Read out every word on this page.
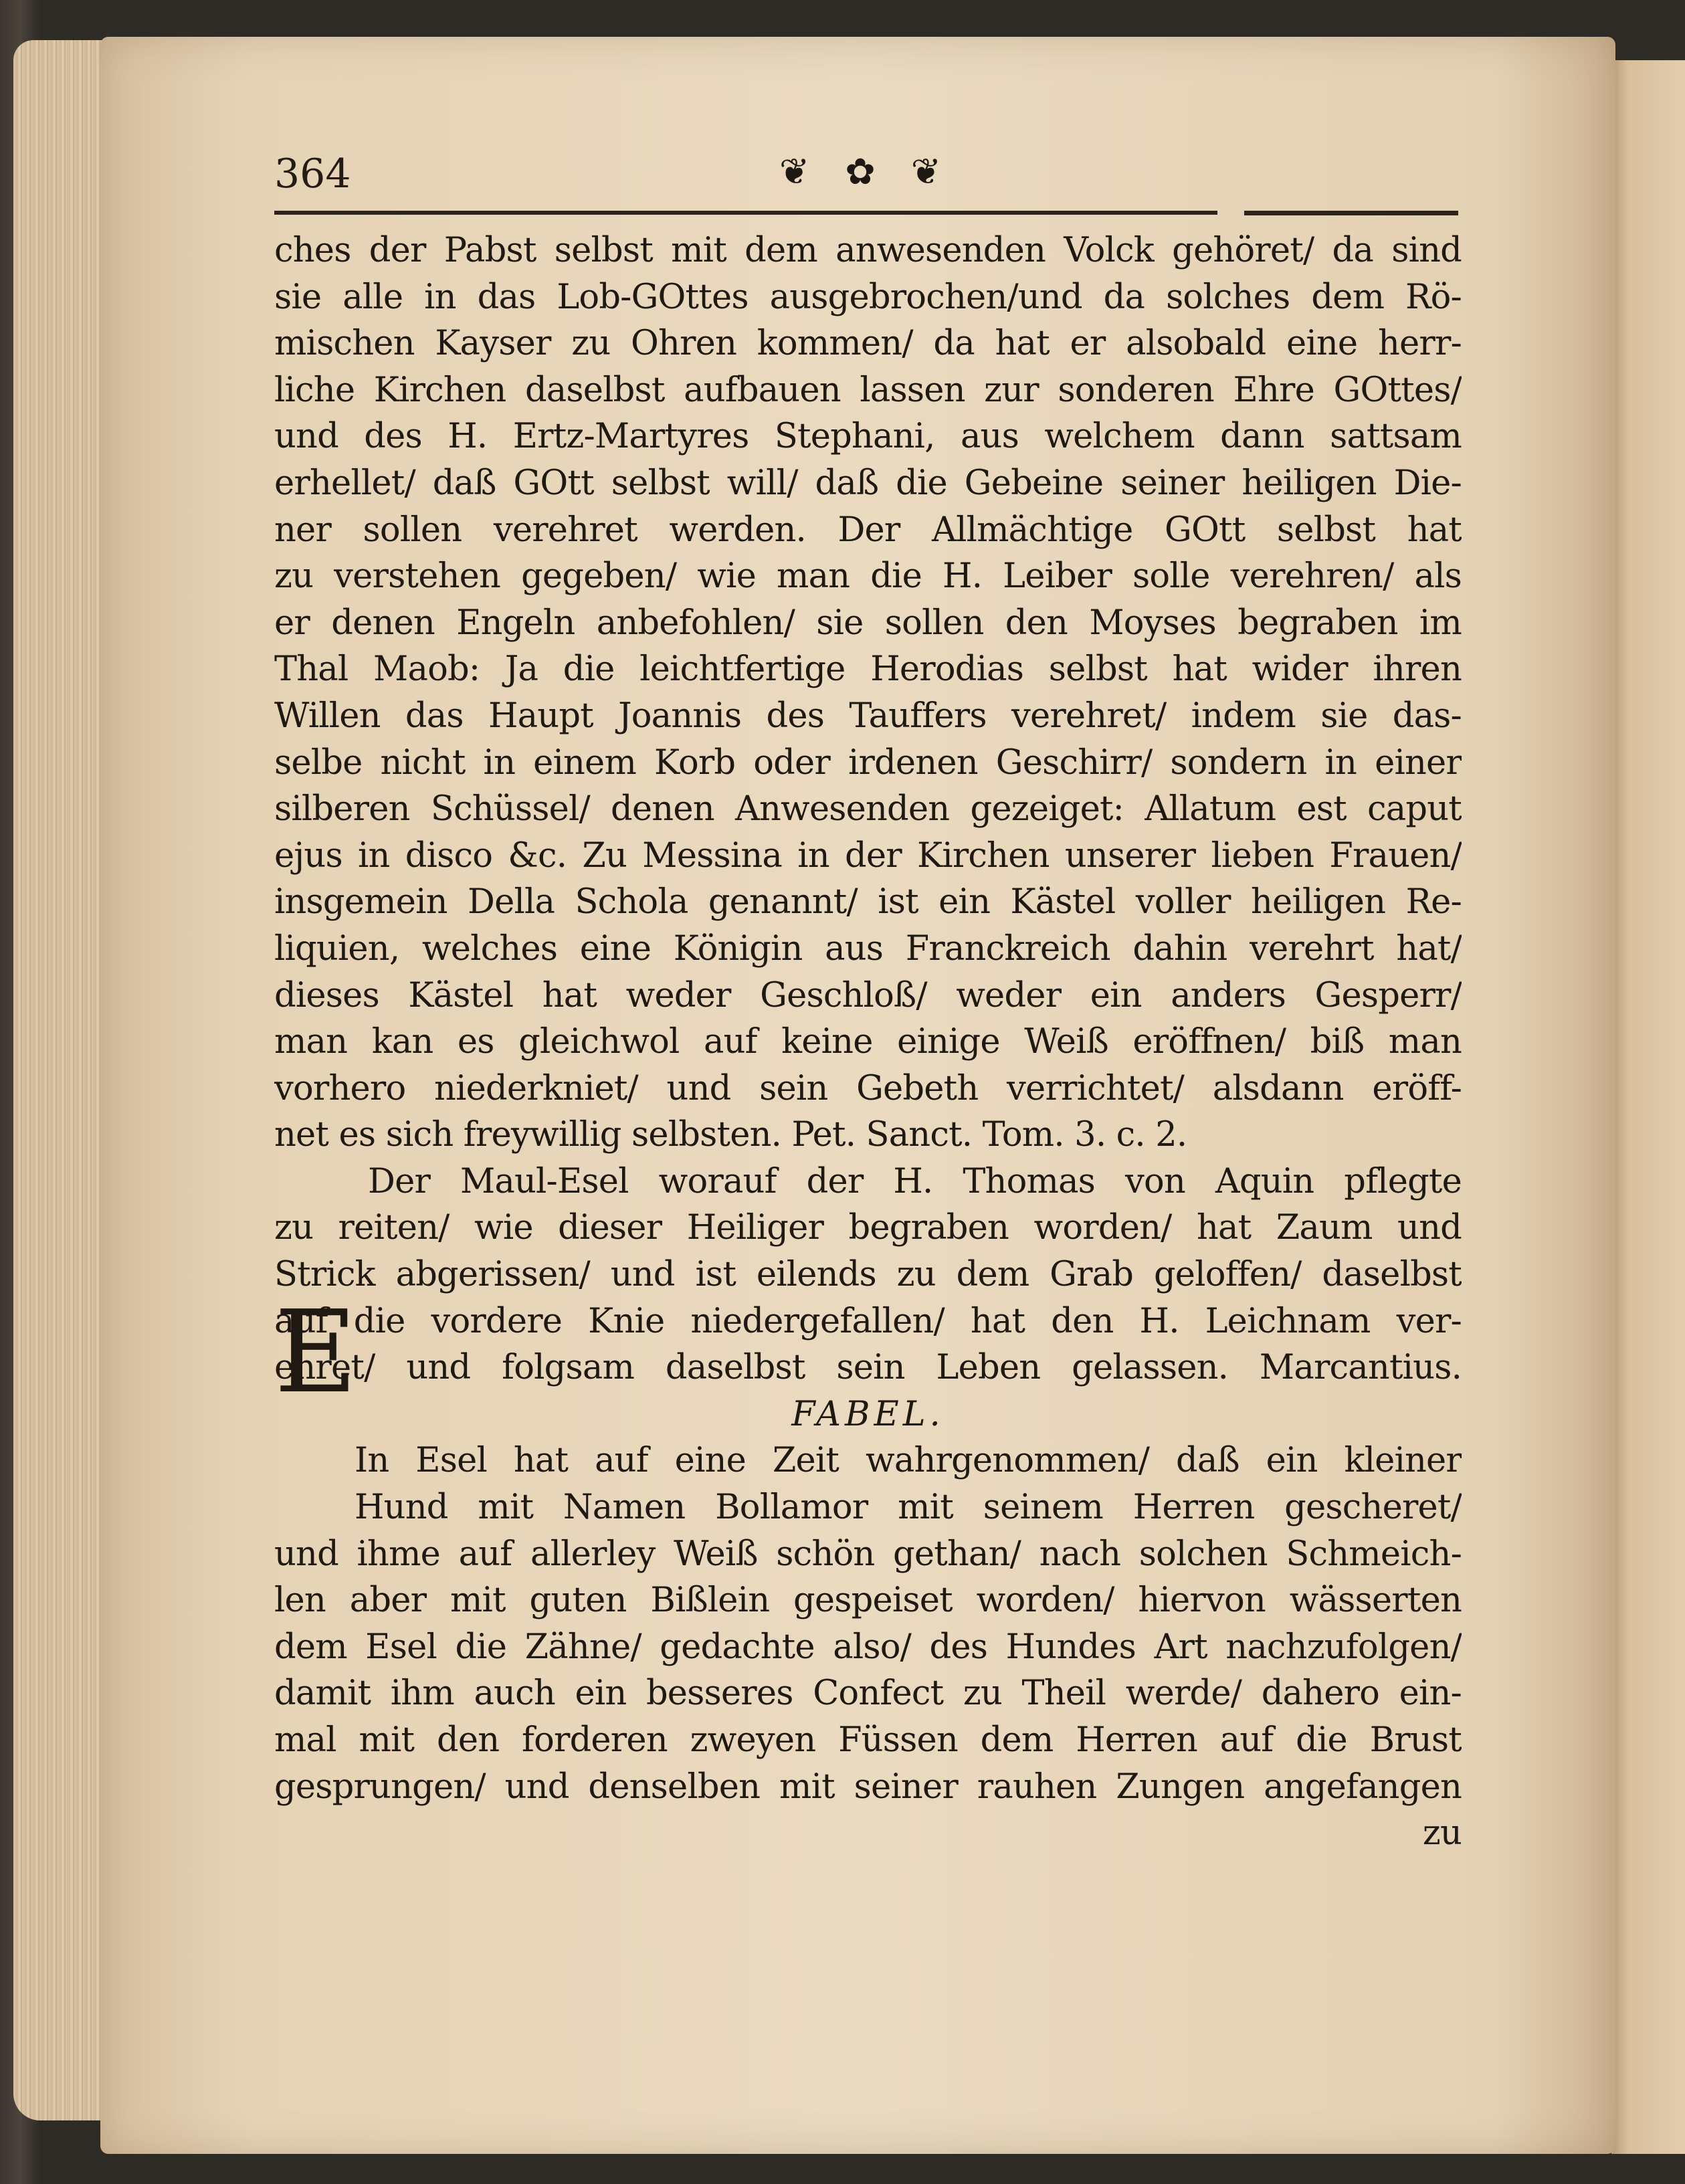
364	❦ ✿ ❦
ches der Pabst selbst mit dem anwesenden Volck gehöret/ da sind
sie alle in das Lob-GOttes ausgebrochen/und da solches dem Rö-
mischen Kayser zu Ohren kommen/ da hat er alsobald eine herr-
liche Kirchen daselbst aufbauen lassen zur sonderen Ehre GOttes/
und des H. Ertz-Martyres Stephani, aus welchem dann sattsam
erhellet/ daß GOtt selbst will/ daß die Gebeine seiner heiligen Die-
ner sollen verehret werden. Der Allmächtige GOtt selbst hat
zu verstehen gegeben/ wie man die H. Leiber solle verehren/ als
er denen Engeln anbefohlen/ sie sollen den Moyses begraben im
Thal Maob: Ja die leichtfertige Herodias selbst hat wider ihren
Willen das Haupt Joannis des Tauffers verehret/ indem sie das-
selbe nicht in einem Korb oder irdenen Geschirr/ sondern in einer
silberen Schüssel/ denen Anwesenden gezeiget: Allatum est caput
ejus in disco &c. Zu Messina in der Kirchen unserer lieben Frauen/
insgemein Della Schola genannt/ ist ein Kästel voller heiligen Re-
liquien, welches eine Königin aus Franckreich dahin verehrt hat/
dieses Kästel hat weder Geschloß/ weder ein anders Gesperr/
man kan es gleichwol auf keine einige Weiß eröffnen/ biß man
vorhero niederkniet/ und sein Gebeth verrichtet/ alsdann eröff-
net es sich freywillig selbsten. Pet. Sanct. Tom. 3. c. 2.
Der Maul-Esel worauf der H. Thomas von Aquin pflegte
zu reiten/ wie dieser Heiliger begraben worden/ hat Zaum und
Strick abgerissen/ und ist eilends zu dem Grab geloffen/ daselbst
auf die vordere Knie niedergefallen/ hat den H. Leichnam ver-
ehret/ und folgsam daselbst sein Leben gelassen. Marcantius.
FABEL.
In Esel hat auf eine Zeit wahrgenommen/ daß ein kleiner
Hund mit Namen Bollamor mit seinem Herren gescheret/
und ihme auf allerley Weiß schön gethan/ nach solchen Schmeich-
len aber mit guten Bißlein gespeiset worden/ hiervon wässerten
dem Esel die Zähne/ gedachte also/ des Hundes Art nachzufolgen/
damit ihm auch ein besseres Confect zu Theil werde/ dahero ein-
mal mit den forderen zweyen Füssen dem Herren auf die Brust
gesprungen/ und denselben mit seiner rauhen Zungen angefangen
zu
E
